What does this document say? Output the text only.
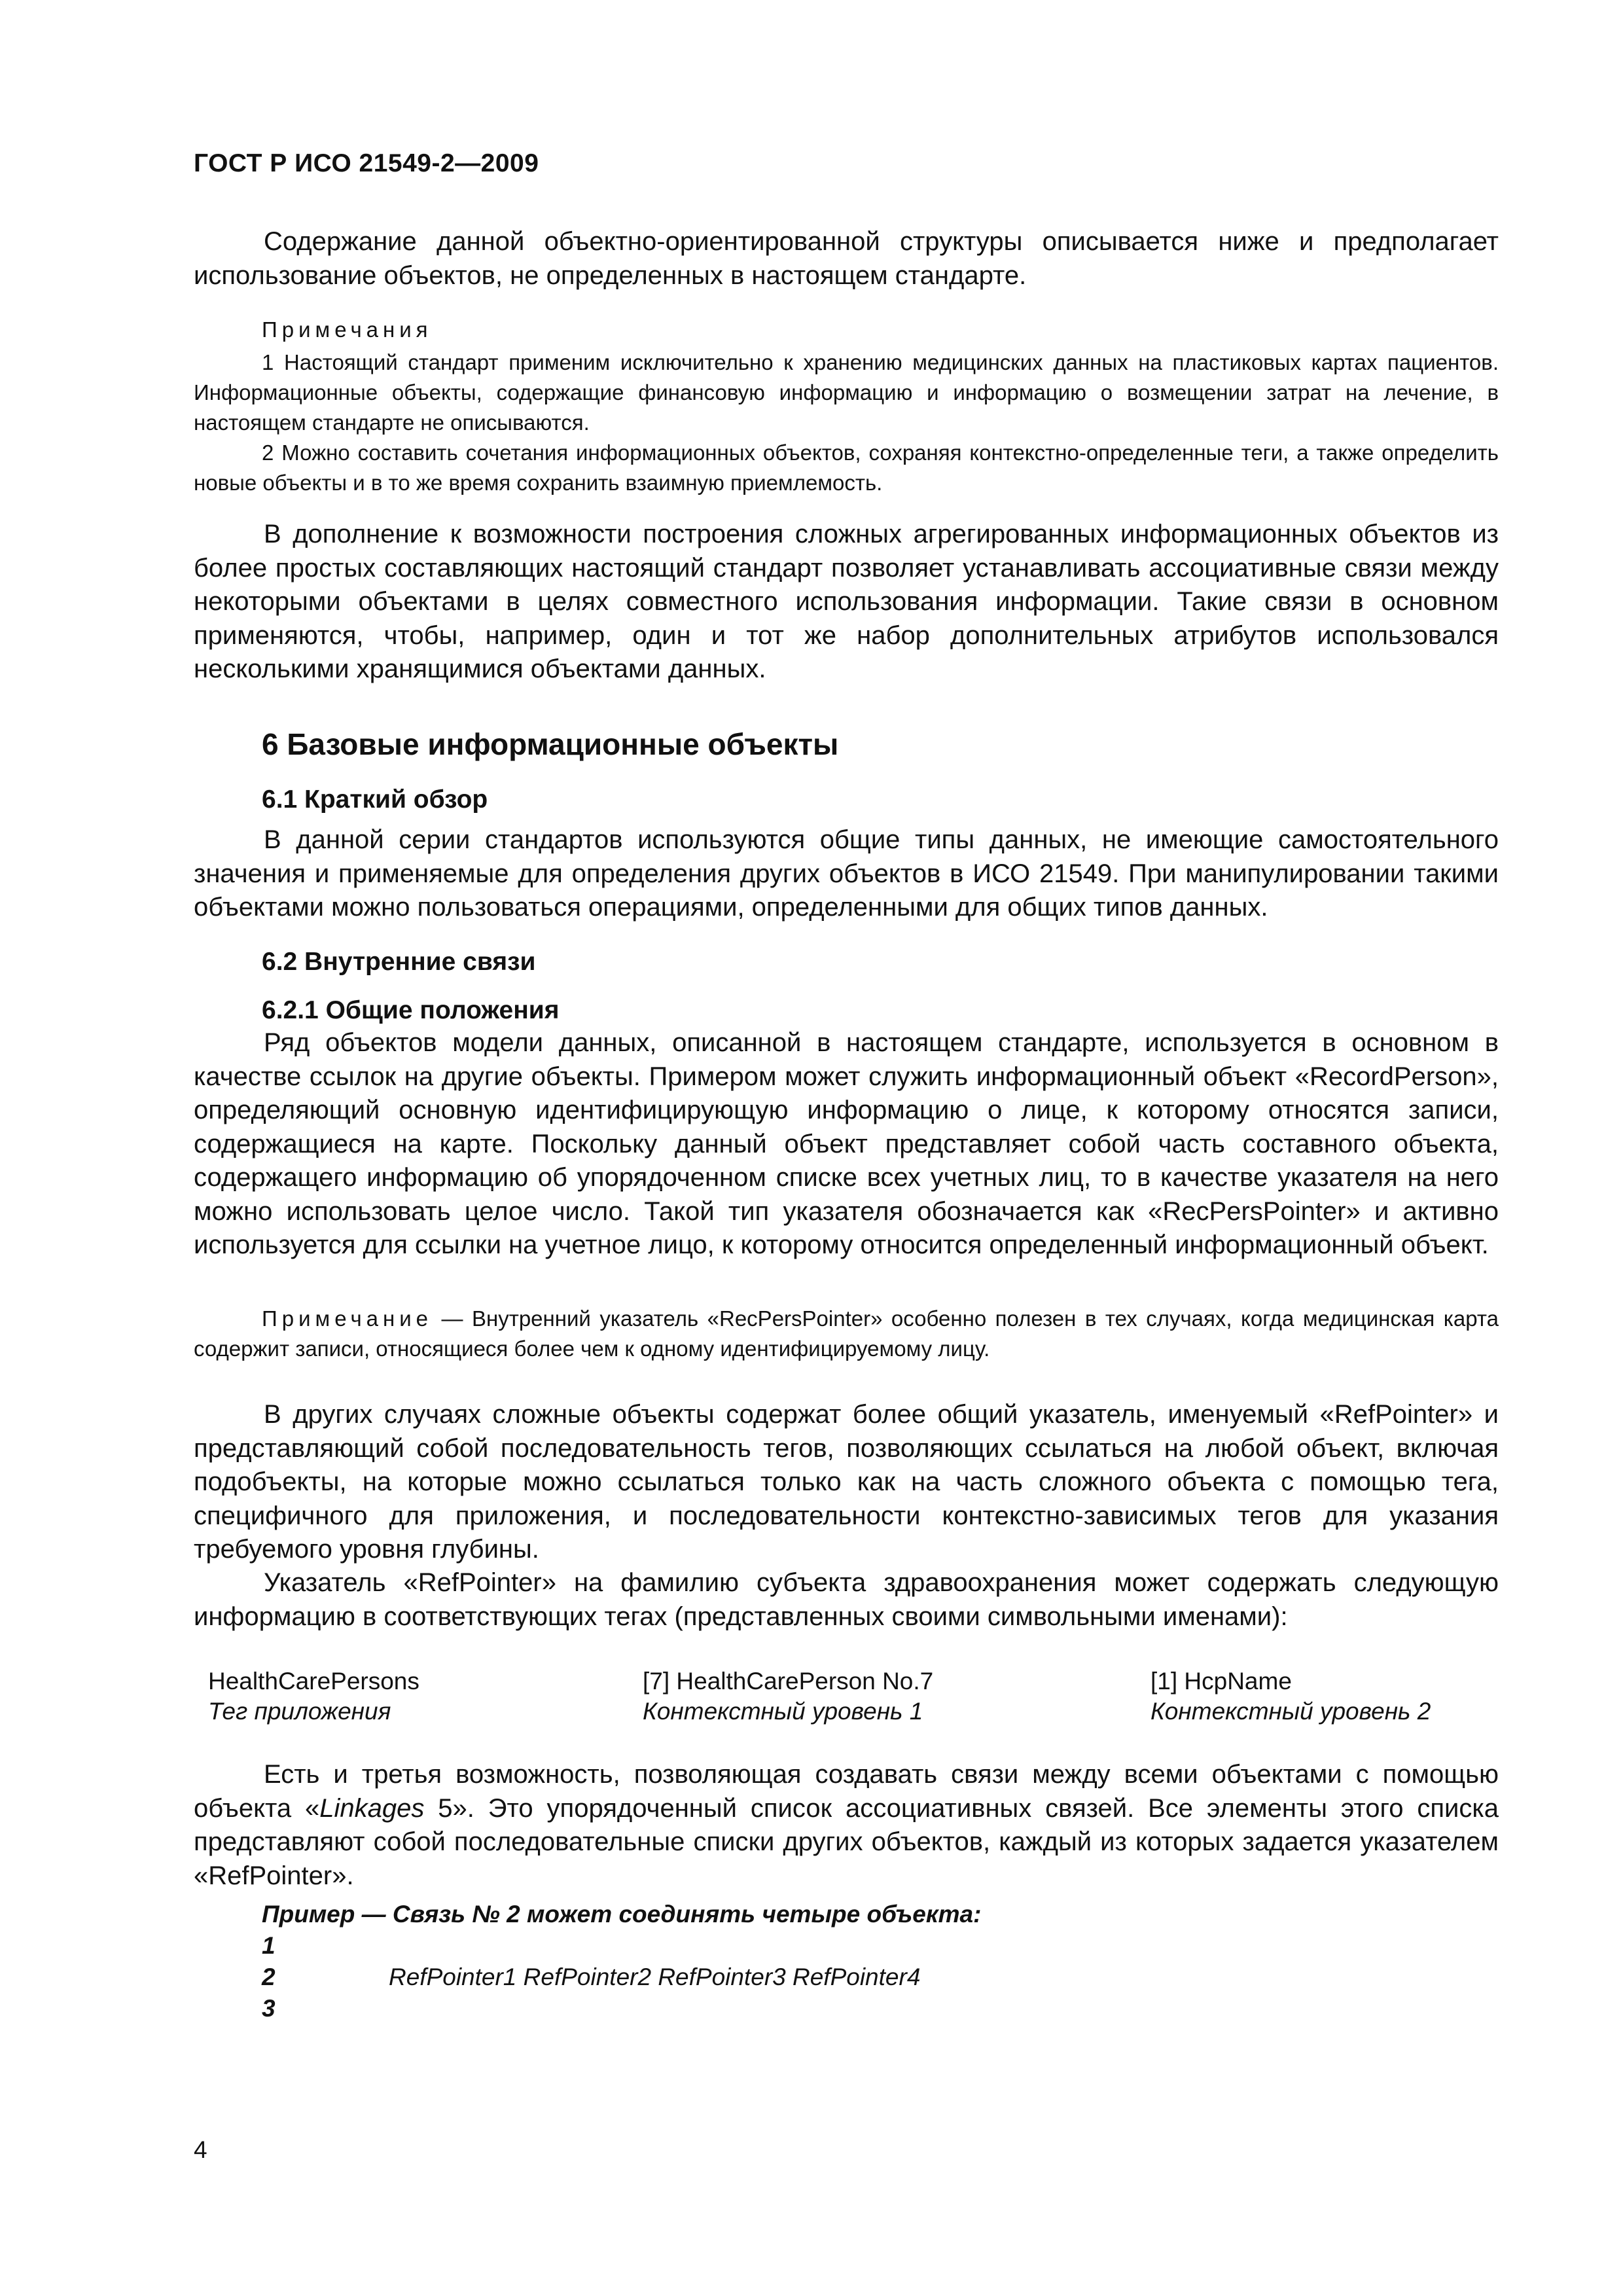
ГОСТ Р ИСО 21549-2—2009

Содержание данной объектно-ориентированной структуры описывается ниже и предполагает использование объектов, не определенных в настоящем стандарте.

Примечания

1 Настоящий стандарт применим исключительно к хранению медицинских данных на пластиковых картах пациентов. Информационные объекты, содержащие финансовую информацию и информацию о возмещении затрат на лечение, в настоящем стандарте не описываются.

2 Можно составить сочетания информационных объектов, сохраняя контекстно-определенные теги, а также определить новые объекты и в то же время сохранить взаимную приемлемость.

В дополнение к возможности построения сложных агрегированных информационных объектов из более простых составляющих настоящий стандарт позволяет устанавливать ассоциативные связи между некоторыми объектами в целях совместного использования информации. Такие связи в основном применяются, чтобы, например, один и тот же набор дополнительных атрибутов использовался несколькими хранящимися объектами данных.

6 Базовые информационные объекты
6.1 Краткий обзор

В данной серии стандартов используются общие типы данных, не имеющие самостоятельного значения и применяемые для определения других объектов в ИСО 21549. При манипулировании такими объектами можно пользоваться операциями, определенными для общих типов данных.

6.2 Внутренние связи
6.2.1 Общие положения

Ряд объектов модели данных, описанной в настоящем стандарте, используется в основном в качестве ссылок на другие объекты. Примером может служить информационный объект «RecordPerson», определяющий основную идентифицирующую информацию о лице, к которому относятся записи, содержащиеся на карте. Поскольку данный объект представляет собой часть составного объекта, содержащего информацию об упорядоченном списке всех учетных лиц, то в качестве указателя на него можно использовать целое число. Такой тип указателя обозначается как «RecPersPointer» и активно используется для ссылки на учетное лицо, к которому относится определенный информационный объект.

Примечание — Внутренний указатель «RecPersPointer» особенно полезен в тех случаях, когда медицинская карта содержит записи, относящиеся более чем к одному идентифицируемому лицу.

В других случаях сложные объекты содержат более общий указатель, именуемый «RefPointer» и представляющий собой последовательность тегов, позволяющих ссылаться на любой объект, включая подобъекты, на которые можно ссылаться только как на часть сложного объекта с помощью тега, специфичного для приложения, и последовательности контекстно-зависимых тегов для указания требуемого уровня глубины.

Указатель «RefPointer» на фамилию субъекта здравоохранения может содержать следующую информацию в соответствующих тегах (представленных своими символьными именами):

HealthCarePersons
Тег приложения
[7] HealthCarePerson No.7
Контекстный уровень 1
[1] HcpName
Контекстный уровень 2

Есть и третья возможность, позволяющая создавать связи между всеми объектами с помощью объекта «Linkages 5». Это упорядоченный список ассоциативных связей. Все элементы этого списка представляют собой последовательные списки других объектов, каждый из которых задается указателем «RefPointer».

Пример — Связь № 2 может соединять четыре объекта:
1
2	RefPointer1 RefPointer2 RefPointer3 RefPointer4
3
4
